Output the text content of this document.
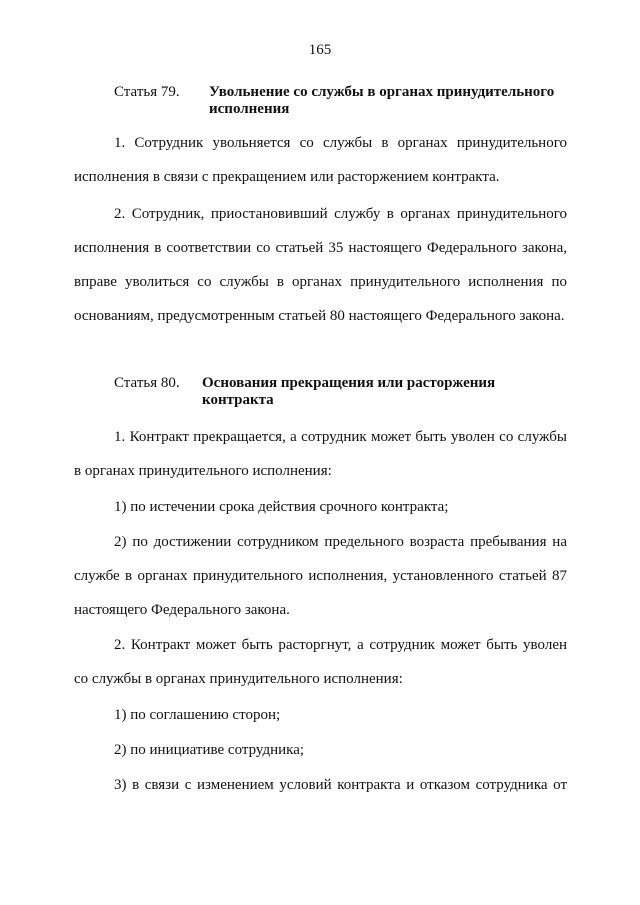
165
Статья 79. Увольнение со службы в органах принудительного
исполнения

1. Сотрудник увольняется со службы в органах принудительного исполнения в связи с прекращением или расторжением контракта.

2. Сотрудник, приостановивший службу в органах принудительного исполнения в соответствии со статьей 35 настоящего Федерального закона, вправе уволиться со службы в органах принудительного исполнения по основаниям, предусмотренным статьей 80 настоящего Федерального закона.

Статья 80. Основания прекращения или расторжения
контракта

1. Контракт прекращается, а сотрудник может быть уволен со службы в органах принудительного исполнения:

1) по истечении срока действия срочного контракта;

2) по достижении сотрудником предельного возраста пребывания на службе в органах принудительного исполнения, установленного статьей 87 настоящего Федерального закона.

2. Контракт может быть расторгнут, а сотрудник может быть уволен со службы в органах принудительного исполнения:

1) по соглашению сторон;

2) по инициативе сотрудника;

3) в связи с изменением условий контракта и отказом сотрудника от
